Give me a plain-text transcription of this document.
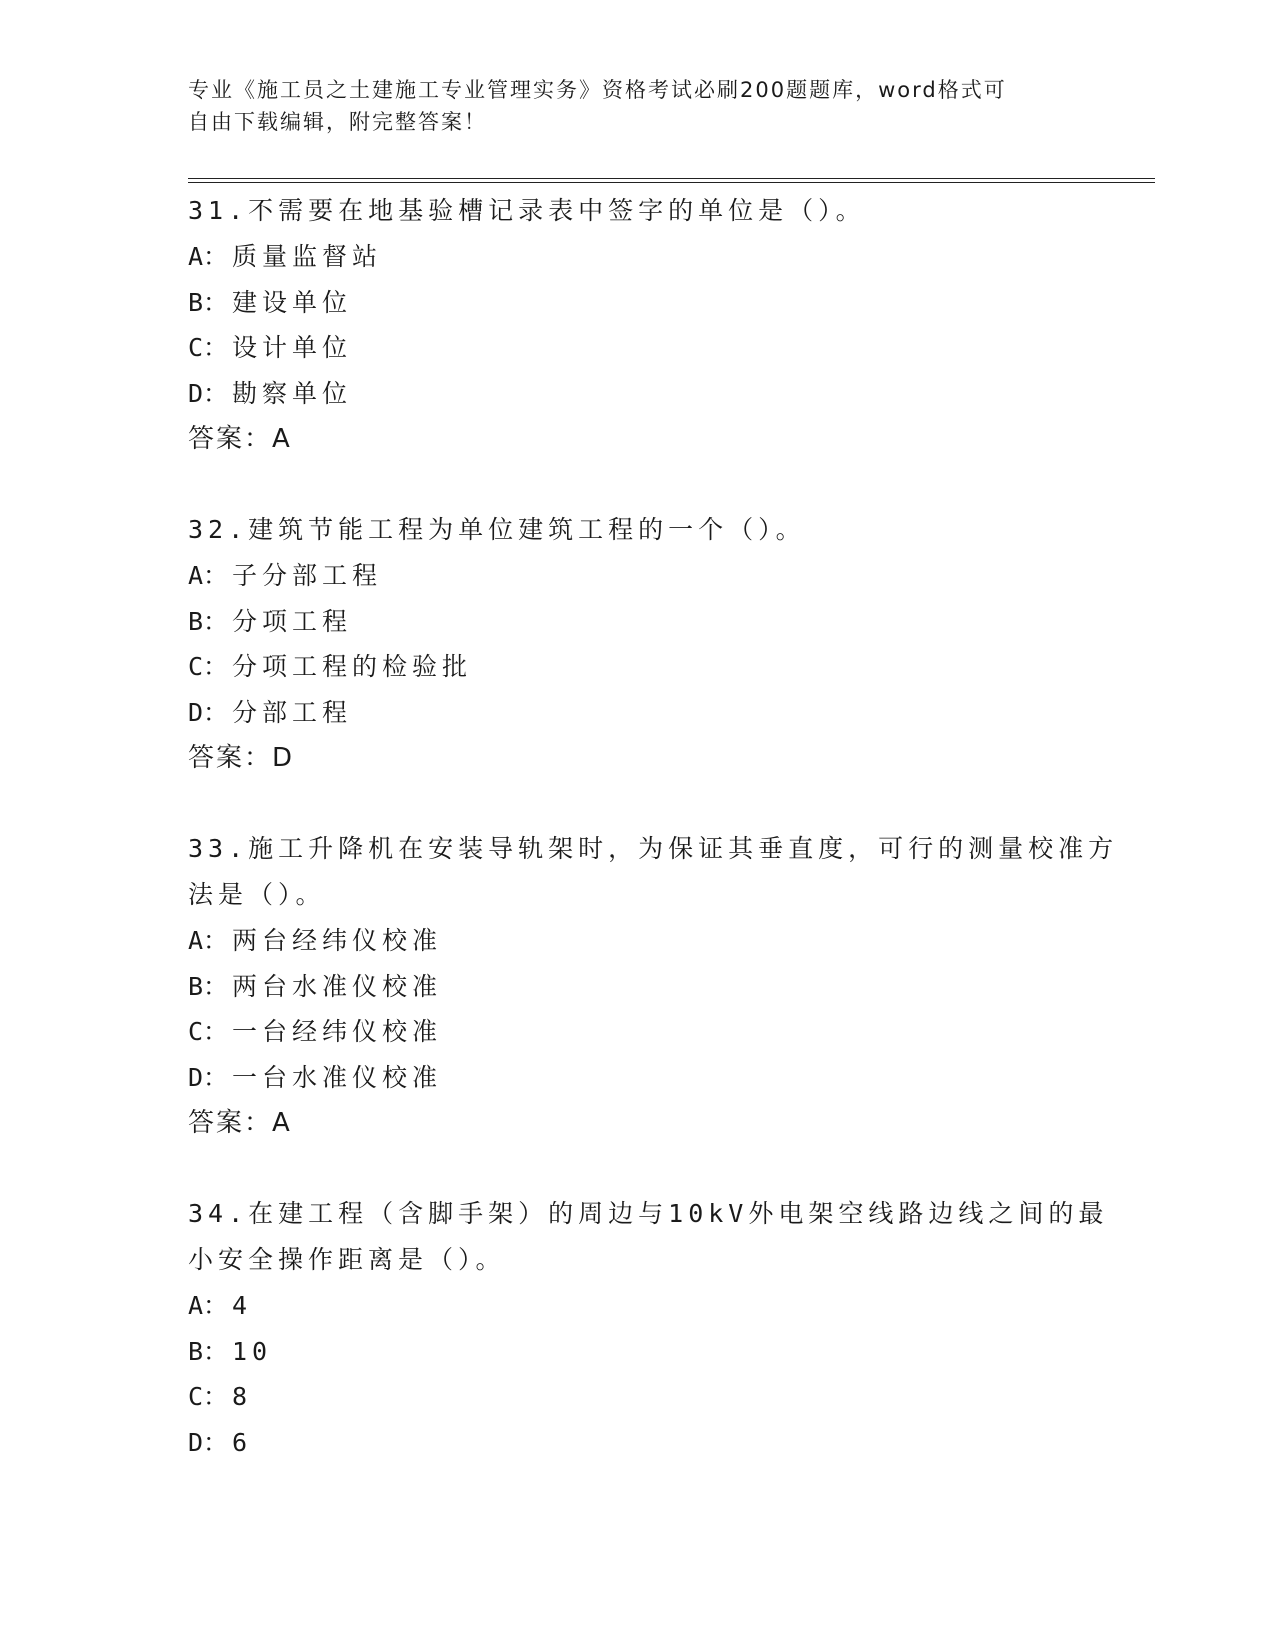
专业《施工员之土建施工专业管理实务》资格考试必刷200题题库，word格式可
自由下载编辑，附完整答案！
31.不需要在地基验槽记录表中签字的单位是（）。
A： 质量监督站
B： 建设单位
C： 设计单位
D： 勘察单位
答案：A
32.建筑节能工程为单位建筑工程的一个（）。
A： 子分部工程
B： 分项工程
C： 分项工程的检验批
D： 分部工程
答案：D
33.施工升降机在安装导轨架时，为保证其垂直度，可行的测量校准方
法是（）。
A： 两台经纬仪校准
B： 两台水准仪校准
C： 一台经纬仪校准
D： 一台水准仪校准
答案：A
34.在建工程（含脚手架）的周边与10kV外电架空线路边线之间的最
小安全操作距离是（）。
A： 4
B： 10
C： 8
D： 6
